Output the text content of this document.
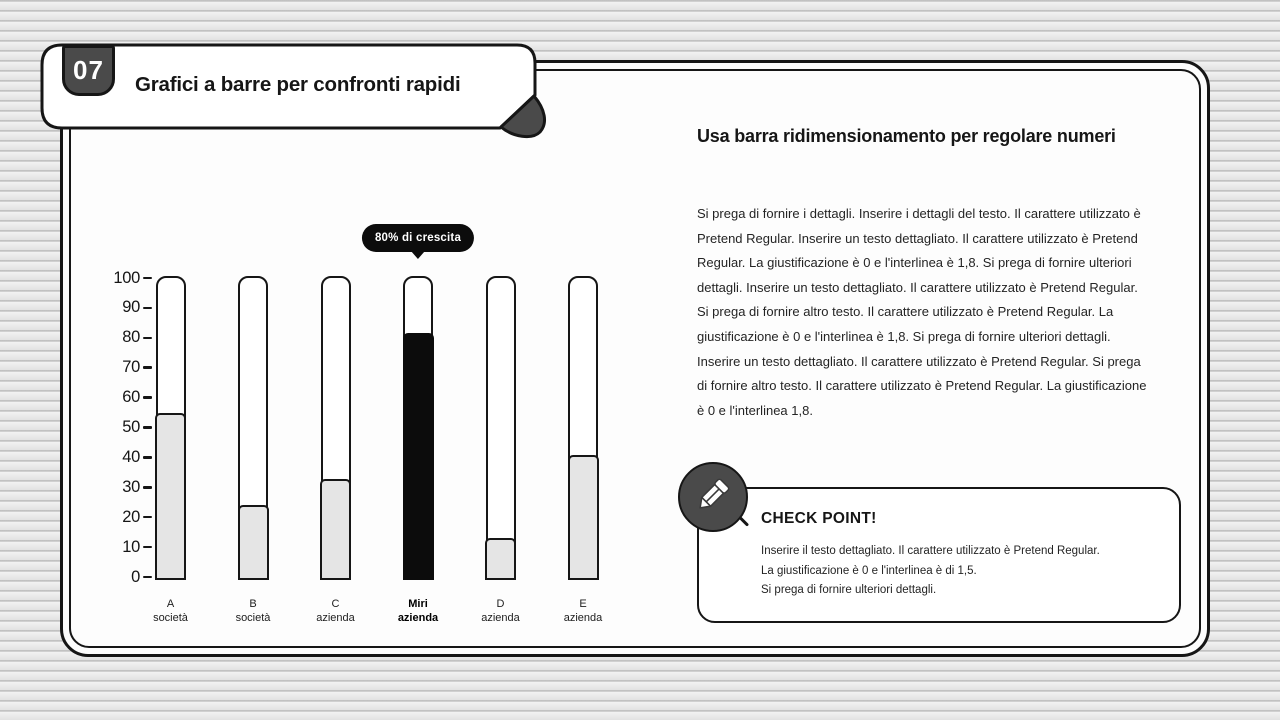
80% di crescita
100
90
80
70
60
50
40
30
20
10
0
A
società
B
società
C
azienda
Miri
azienda
D
azienda
E
azienda
Usa barra ridimensionamento per regolare numeri
Si prega di fornire i dettagli. Inserire i dettagli del testo. Il carattere utilizzato è Pretend Regular. Inserire un testo dettagliato. Il carattere utilizzato è Pretend Regular. La giustificazione è 0 e l'interlinea è 1,8. Si prega di fornire ulteriori dettagli. Inserire un testo dettagliato. Il carattere utilizzato è Pretend Regular. Si prega di fornire altro testo. Il carattere utilizzato è Pretend Regular. La giustificazione è 0 e l'interlinea è 1,8. Si prega di fornire ulteriori dettagli. Inserire un testo dettagliato. Il carattere utilizzato è Pretend Regular. Si prega di fornire altro testo. Il carattere utilizzato è Pretend Regular. La giustificazione è 0 e l'interlinea 1,8.
CHECK POINT!
Inserire il testo dettagliato. Il carattere utilizzato è Pretend Regular.
La giustificazione è 0 e l'interlinea è di 1,5.
Si prega di fornire ulteriori dettagli.
07	Grafici a barre per confronti rapidi
